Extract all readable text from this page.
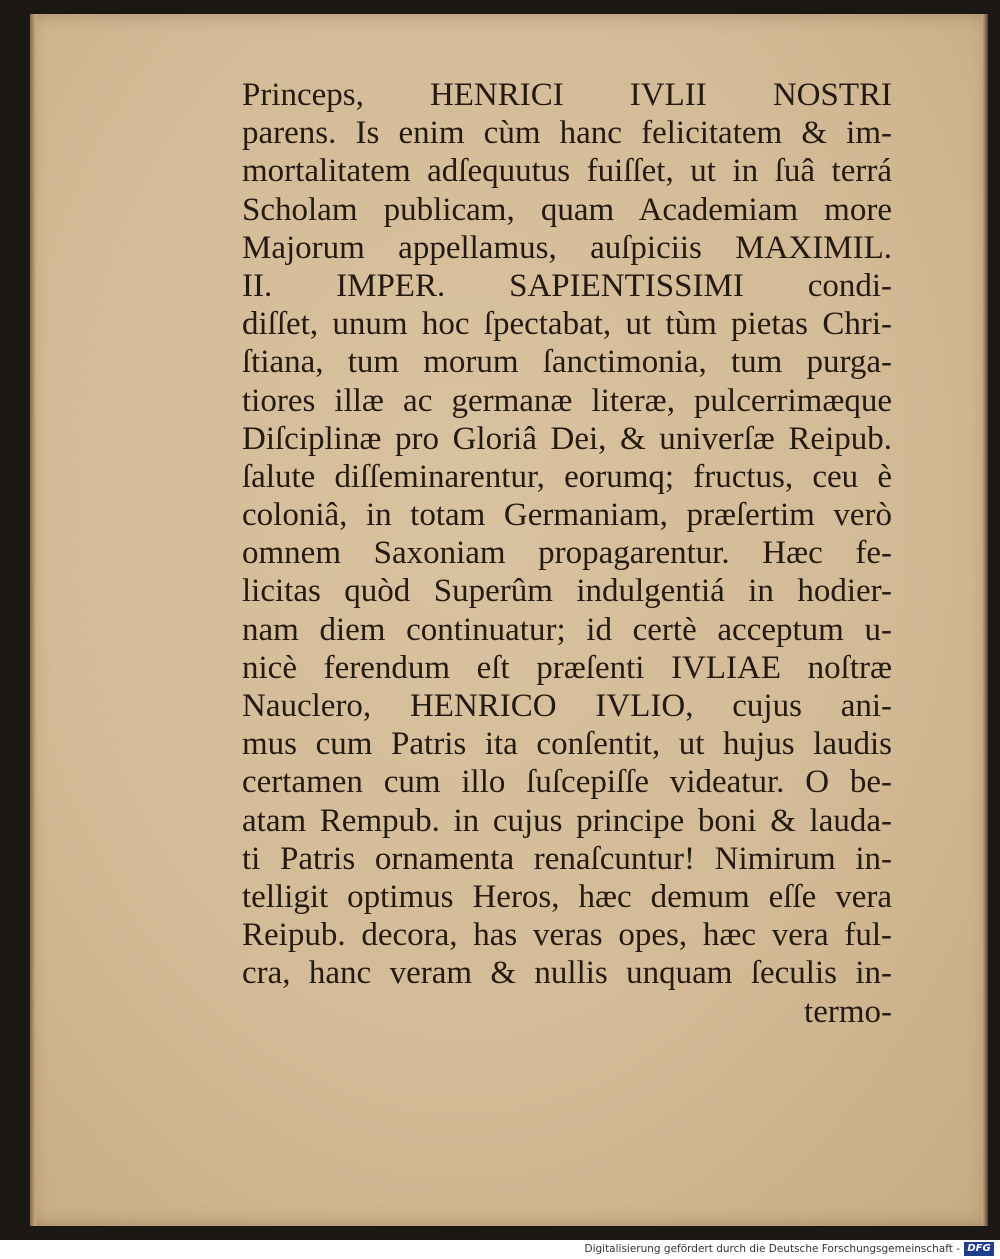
Princeps, HENRICI IVLII NOSTRI
parens. Is enim cùm hanc felicitatem & im-
mortalitatem adſequutus fuiſſet, ut in ſuâ terrá
Scholam publicam, quam Academiam more
Majorum appellamus, auſpiciis MAXIMIL.
II. IMPER. SAPIENTISSIMI condi-
diſſet, unum hoc ſpectabat, ut tùm pietas Chri-
ſtiana, tum morum ſanctimonia, tum purga-
tiores illæ ac germanæ literæ, pulcerrimæque
Diſciplinæ pro Gloriâ Dei, & univerſæ Reipub.
ſalute diſſeminarentur, eorumq; fructus, ceu è
coloniâ, in totam Germaniam, præſertim verò
omnem Saxoniam propagarentur. Hæc fe-
licitas quòd Superûm indulgentiá in hodier-
nam diem continuatur; id certè acceptum u-
nicè ferendum eſt præſenti IVLIAE noſtræ
Nauclero, HENRICO IVLIO, cujus ani-
mus cum Patris ita conſentit, ut hujus laudis
certamen cum illo ſuſcepiſſe videatur. O be-
atam Rempub. in cujus principe boni & lauda-
ti Patris ornamenta renaſcuntur! Nimirum in-
telligit optimus Heros, hæc demum eſſe vera
Reipub. decora, has veras opes, hæc vera ful-
cra, hanc veram & nullis unquam ſeculis in-
termo-
Digitalisierung gefördert durch die Deutsche Forschungsgemeinschaft - DFG
